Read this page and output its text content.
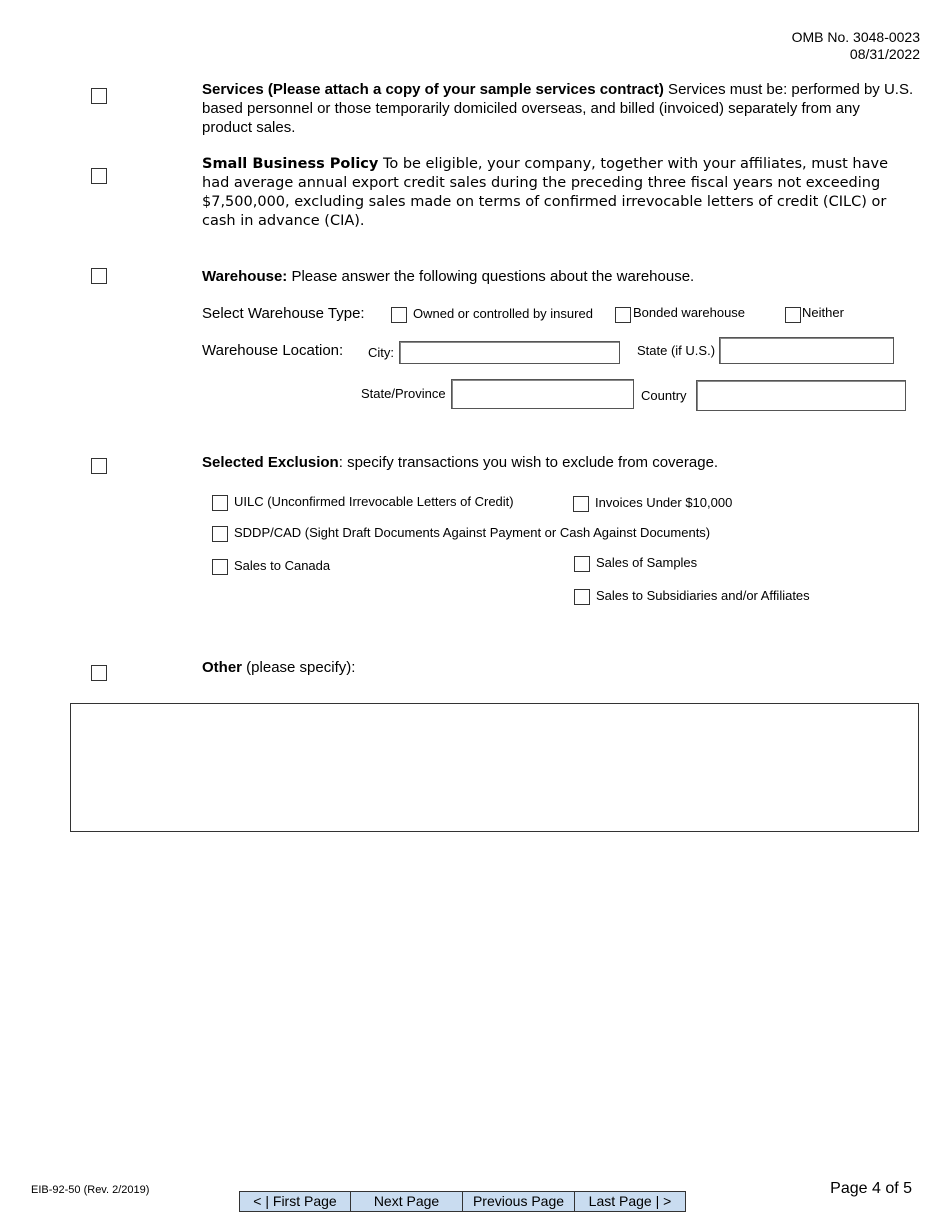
OMB No. 3048-0023
08/31/2022
Services (Please attach a copy of your sample services contract) Services must be: performed by U.S. based personnel or those temporarily domiciled overseas, and billed (invoiced) separately from any product sales.
Small Business Policy To be eligible, your company, together with your affiliates, must have had average annual export credit sales during the preceding three fiscal years not exceeding $7,500,000, excluding sales made on terms of confirmed irrevocable letters of credit (CILC) or cash in advance (CIA).
Warehouse: Please answer the following questions about the warehouse.
Select Warehouse Type:	Owned or controlled by insured	Bonded warehouse	Neither
Warehouse Location: City:	State (if U.S.)
State/Province	Country
Selected Exclusion: specify transactions you wish to exclude from coverage.
UILC (Unconfirmed Irrevocable Letters of Credit)	Invoices Under $10,000
SDDP/CAD (Sight Draft Documents Against Payment or Cash Against Documents)
Sales to Canada	Sales of Samples
Sales to Subsidiaries and/or Affiliates
Other (please specify):
EIB-92-50 (Rev. 2/2019)
< | First Page	Next Page	Previous Page	Last Page | >
Page 4 of 5
